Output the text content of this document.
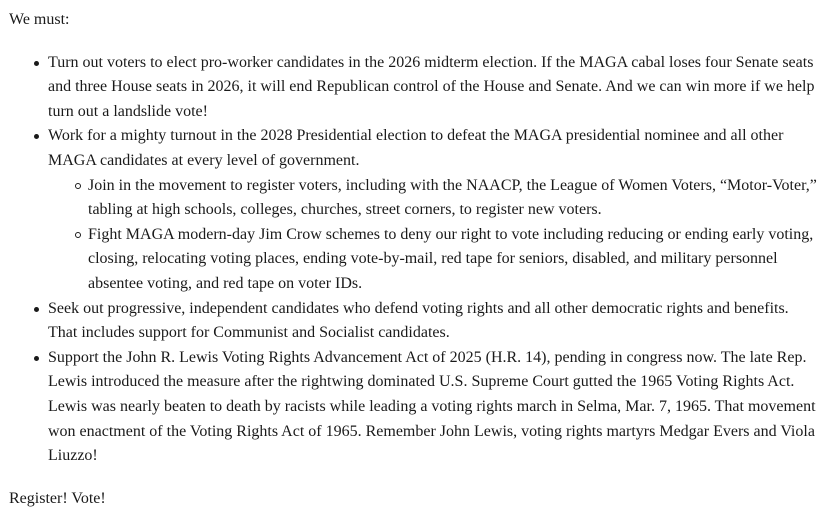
We must:

Turn out voters to elect pro-worker candidates in the 2026 midterm election. If the MAGA cabal loses four Senate seats and three House seats in 2026, it will end Republican control of the House and Senate. And we can win more if we help turn out a landslide vote!
Work for a mighty turnout in the 2028 Presidential election to defeat the MAGA presidential nominee and all other MAGA candidates at every level of government.
Join in the movement to register voters, including with the NAACP, the League of Women Voters, “Motor-Voter,” tabling at high schools, colleges, churches, street corners, to register new voters.
Fight MAGA modern-day Jim Crow schemes to deny our right to vote including reducing or ending early voting, closing, relocating voting places, ending vote-by-mail, red tape for seniors, disabled, and military personnel absentee voting, and red tape on voter IDs.
Seek out progressive, independent candidates who defend voting rights and all other democratic rights and benefits. That includes support for Communist and Socialist candidates.
Support the John R. Lewis Voting Rights Advancement Act of 2025 (H.R. 14), pending in congress now. The late Rep. Lewis introduced the measure after the rightwing dominated U.S. Supreme Court gutted the 1965 Voting Rights Act. Lewis was nearly beaten to death by racists while leading a voting rights march in Selma, Mar. 7, 1965. That movement won enactment of the Voting Rights Act of 1965. Remember John Lewis, voting rights martyrs Medgar Evers and Viola Liuzzo!

Register! Vote!
